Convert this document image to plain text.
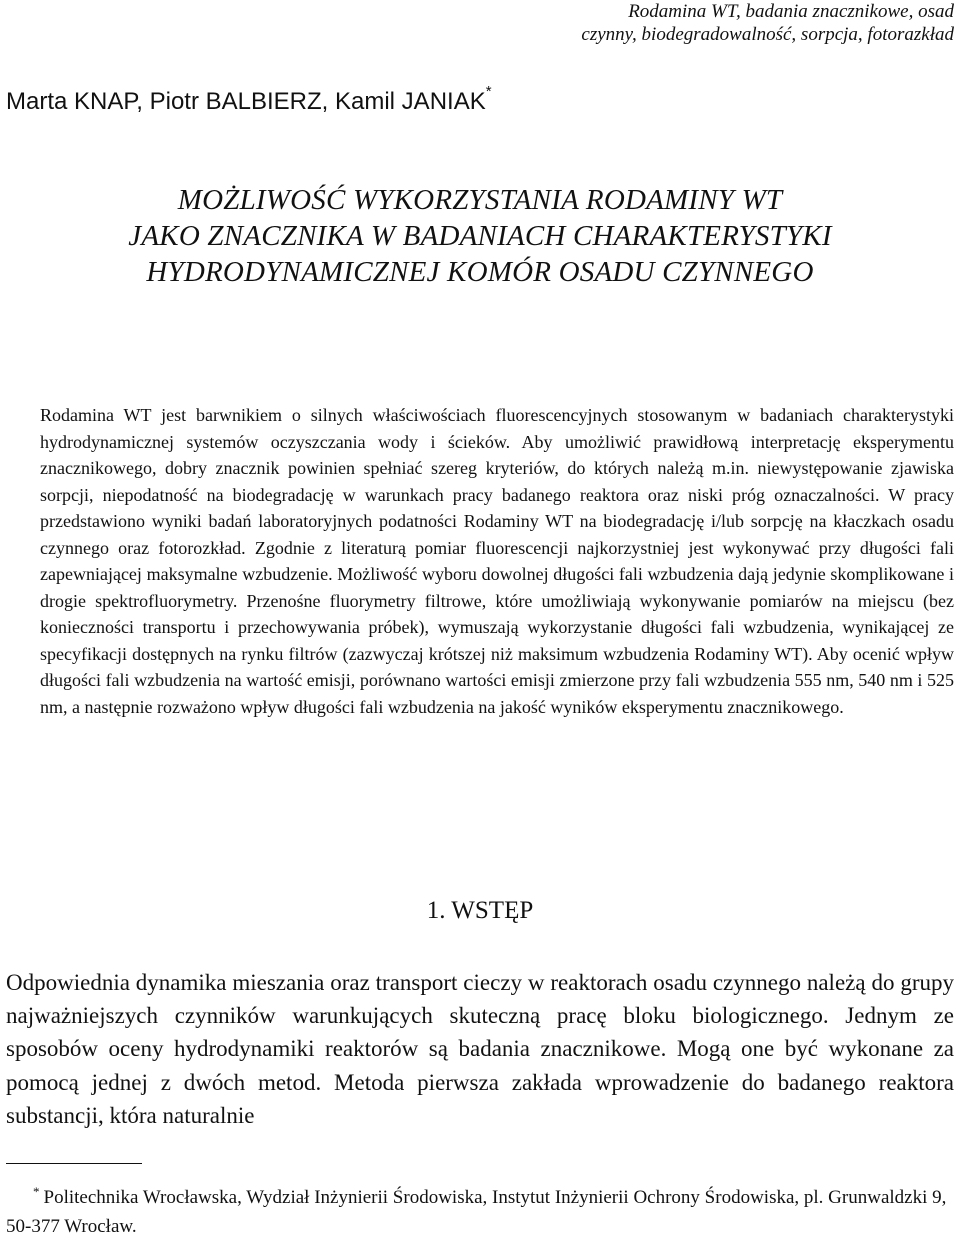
Rodamina WT, badania znacznikowe, osad
czynny, biodegradowalność, sorpcja, fotorazkład
Marta KNAP, Piotr BALBIERZ, Kamil JANIAK*
MOŻLIWOŚĆ WYKORZYSTANIA RODAMINY WT
JAKO ZNACZNIKA W BADANIACH CHARAKTERYSTYKI
HYDRODYNAMICZNEJ KOMÓR OSADU CZYNNEGO

Rodamina WT jest barwnikiem o silnych właściwościach fluorescencyjnych stosowanym w badaniach charakterystyki hydrodynamicznej systemów oczyszczania wody i ścieków. Aby umożliwić prawidłową interpretację eksperymentu znacznikowego, dobry znacznik powinien spełniać szereg kryteriów, do których należą m.in. niewystępowanie zjawiska sorpcji, niepodatność na biodegradację w warunkach pracy badanego reaktora oraz niski próg oznaczalności. W pracy przedstawiono wyniki badań laboratoryjnych podatności Rodaminy WT na biodegradację i/lub sorpcję na kłaczkach osadu czynnego oraz fotorozkład. Zgodnie z literaturą pomiar fluorescencji najkorzystniej jest wykonywać przy długości fali zapewniającej maksymalne wzbudzenie. Możliwość wyboru dowolnej długości fali wzbudzenia dają jedynie skomplikowane i drogie spektrofluorymetry. Przenośne fluorymetry filtrowe, które umożliwiają wykonywanie pomiarów na miejscu (bez konieczności transportu i przechowywania próbek), wymuszają wykorzystanie długości fali wzbudzenia, wynikającej ze specyfikacji dostępnych na rynku filtrów (zazwyczaj krótszej niż maksimum wzbudzenia Rodaminy WT). Aby ocenić wpływ długości fali wzbudzenia na wartość emisji, porównano wartości emisji zmierzone przy fali wzbudzenia 555 nm, 540 nm i 525 nm, a następnie rozważono wpływ długości fali wzbudzenia na jakość wyników eksperymentu znacznikowego.

1. WSTĘP

Odpowiednia dynamika mieszania oraz transport cieczy w reaktorach osadu czynnego należą do grupy najważniejszych czynników warunkujących skuteczną pracę bloku biologicznego. Jednym ze sposobów oceny hydrodynamiki reaktorów są badania znacznikowe. Mogą one być wykonane za pomocą jednej z dwóch metod. Metoda pierwsza zakłada wprowadzenie do badanego reaktora substancji, która naturalnie

* Politechnika Wrocławska, Wydział Inżynierii Środowiska, Instytut Inżynierii Ochrony Środowiska, pl. Grunwaldzki 9, 50-377 Wrocław.
